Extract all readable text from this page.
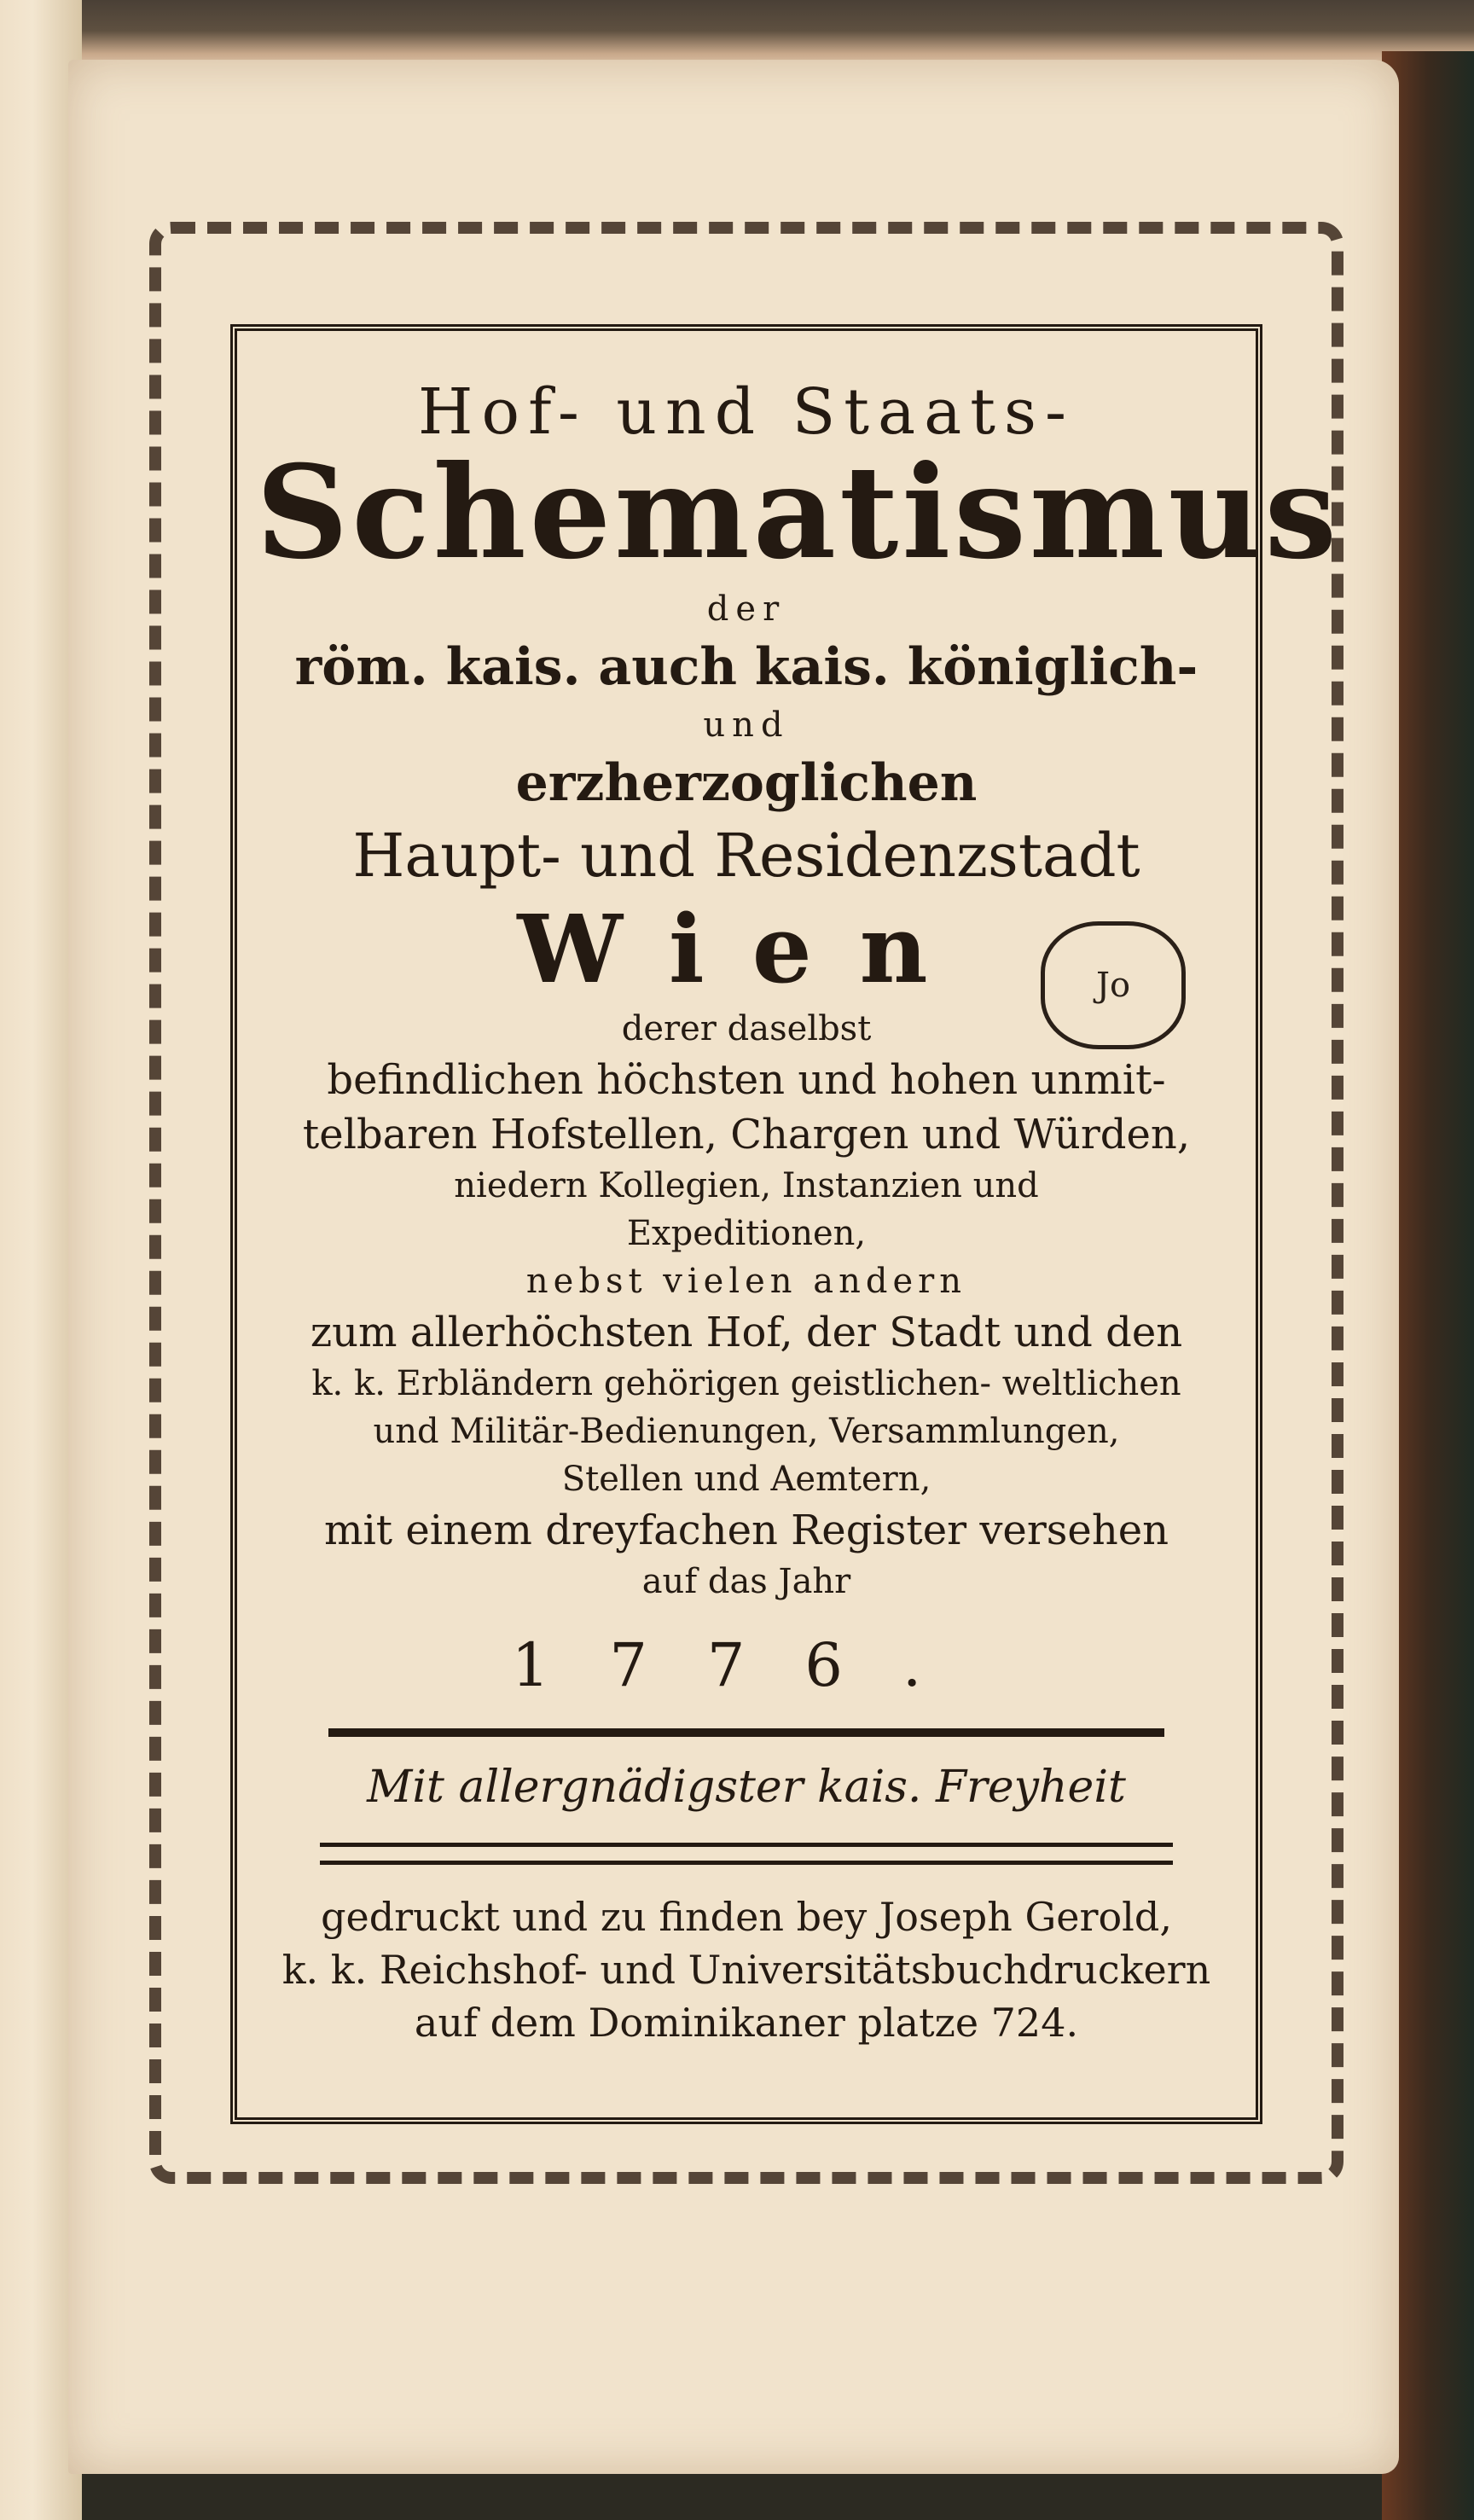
Jo
Hof- und Staats-
Schematismus
der
röm. kais. auch kais. königlich-
und
erzherzoglichen
Haupt- und Residenzstadt
Wien
derer daselbst
befindlichen höchsten und hohen unmit-
telbaren Hofstellen, Chargen und Würden,
niedern Kollegien, Instanzien und
Expeditionen,
nebst vielen andern
zum allerhöchsten Hof, der Stadt und den
k. k. Erbländern gehörigen geistlichen- weltlichen
und Militär-Bedienungen, Versammlungen,
Stellen und Aemtern,
mit einem dreyfachen Register versehen
auf das Jahr
1776.
Mit allergnädigster kais. Freyheit
gedruckt und zu finden bey Joseph Gerold,
k. k. Reichshof- und Universitätsbuchdruckern
auf dem Dominikaner platze 724.
